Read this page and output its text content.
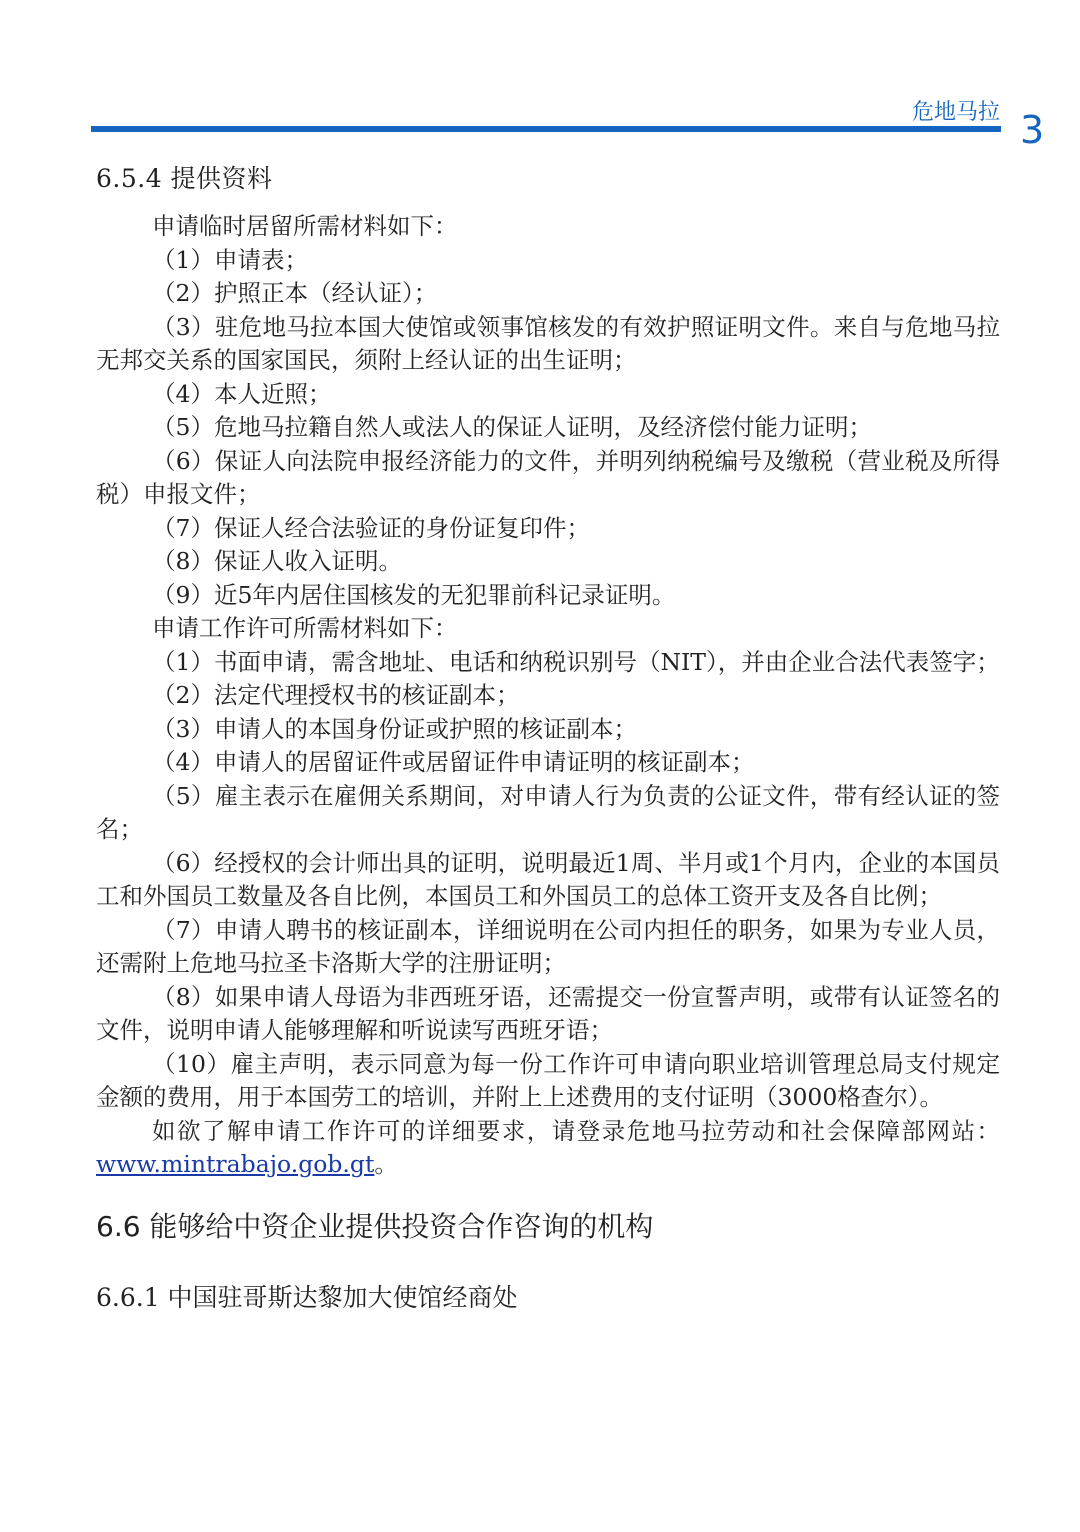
危地马拉 3
6.5.4 提供资料

申请临时居留所需材料如下：

（1）申请表；

（2）护照正本（经认证）；

（3）驻危地马拉本国大使馆或领事馆核发的有效护照证明文件。来自与危地马拉无邦交关系的国家国民，须附上经认证的出生证明；

（4）本人近照；

（5）危地马拉籍自然人或法人的保证人证明，及经济偿付能力证明；

（6）保证人向法院申报经济能力的文件，并明列纳税编号及缴税（营业税及所得税）申报文件；

（7）保证人经合法验证的身份证复印件；

（8）保证人收入证明。

（9）近5年内居住国核发的无犯罪前科记录证明。

申请工作许可所需材料如下：

（1）书面申请，需含地址、电话和纳税识别号（NIT），并由企业合法代表签字；

（2）法定代理授权书的核证副本；

（3）申请人的本国身份证或护照的核证副本；

（4）申请人的居留证件或居留证件申请证明的核证副本；

（5）雇主表示在雇佣关系期间，对申请人行为负责的公证文件，带有经认证的签名；

（6）经授权的会计师出具的证明，说明最近1周、半月或1个月内，企业的本国员工和外国员工数量及各自比例，本国员工和外国员工的总体工资开支及各自比例；

（7）申请人聘书的核证副本，详细说明在公司内担任的职务，如果为专业人员，还需附上危地马拉圣卡洛斯大学的注册证明；

（8）如果申请人母语为非西班牙语，还需提交一份宣誓声明，或带有认证签名的文件，说明申请人能够理解和听说读写西班牙语；

（10）雇主声明，表示同意为每一份工作许可申请向职业培训管理总局支付规定金额的费用，用于本国劳工的培训，并附上上述费用的支付证明（3000格查尔）。

如欲了解申请工作许可的详细要求，请登录危地马拉劳动和社会保障部网站：www.mintrabajo.gob.gt。

6.6 能够给中资企业提供投资合作咨询的机构
6.6.1 中国驻哥斯达黎加大使馆经商处
